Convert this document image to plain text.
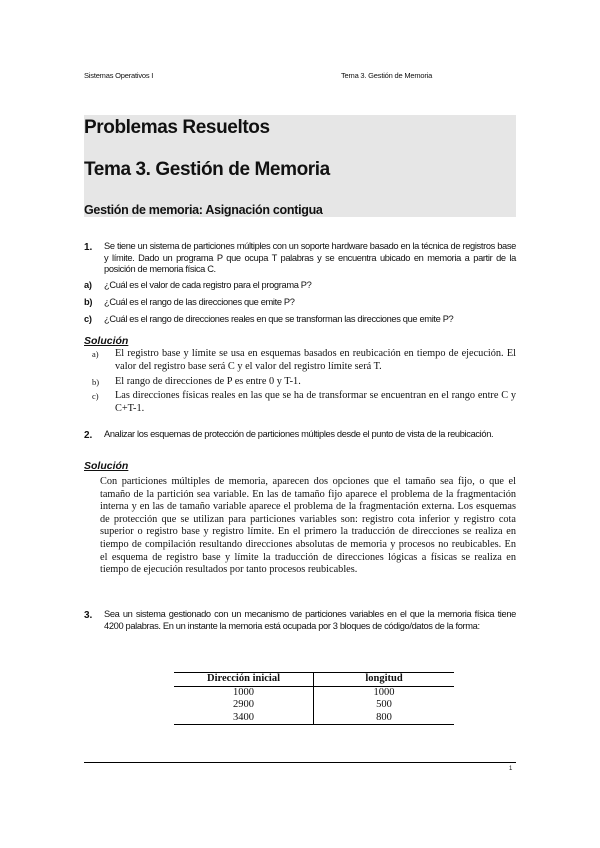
Sistemas Operativos I	Tema 3. Gestión de Memoria
Problemas Resueltos
Tema 3. Gestión de Memoria
Gestión de memoria: Asignación contigua
1. Se tiene un sistema de particiones múltiples con un soporte hardware basado en la técnica de registros base y límite. Dado un programa P que ocupa T palabras y se encuentra ubicado en memoria a partir de la posición de memoria física C.
a) ¿Cuál es el valor de cada registro para el programa P?
b) ¿Cuál es el rango de las direcciones que emite P?
c) ¿Cuál es el rango de direcciones reales en que se transforman las direcciones que emite P?
Solución
a) El registro base y límite se usa en esquemas basados en reubicación en tiempo de ejecución. El valor del registro base será C y el valor del registro límite será T.
b) El rango de direcciones de P es entre 0 y T-1.
c) Las direcciones físicas reales en las que se ha de transformar se encuentran en el rango entre C y C+T-1.
2. Analizar los esquemas de protección de particiones múltiples desde el punto de vista de la reubicación.
Solución
Con particiones múltiples de memoria, aparecen dos opciones que el tamaño sea fijo, o que el tamaño de la partición sea variable. En las de tamaño fijo aparece el problema de la fragmentación interna y en las de tamaño variable aparece el problema de la fragmentación externa. Los esquemas de protección que se utilizan para particiones variables son: registro cota inferior y registro cota superior o registro base y registro límite. En el primero la traducción de direcciones se realiza en tiempo de compilación resultando direcciones absolutas de memoria y procesos no reubicables. En el esquema de registro base y límite la traducción de direcciones lógicas a físicas se realiza en tiempo de ejecución resultados por tanto procesos reubicables.
3. Sea un sistema gestionado con un mecanismo de particiones variables en el que la memoria física tiene 4200 palabras. En un instante la memoria está ocupada por 3 bloques de código/datos de la forma:
Dirección inicial	longitud
1000	1000
2900	500
3400	800
1
